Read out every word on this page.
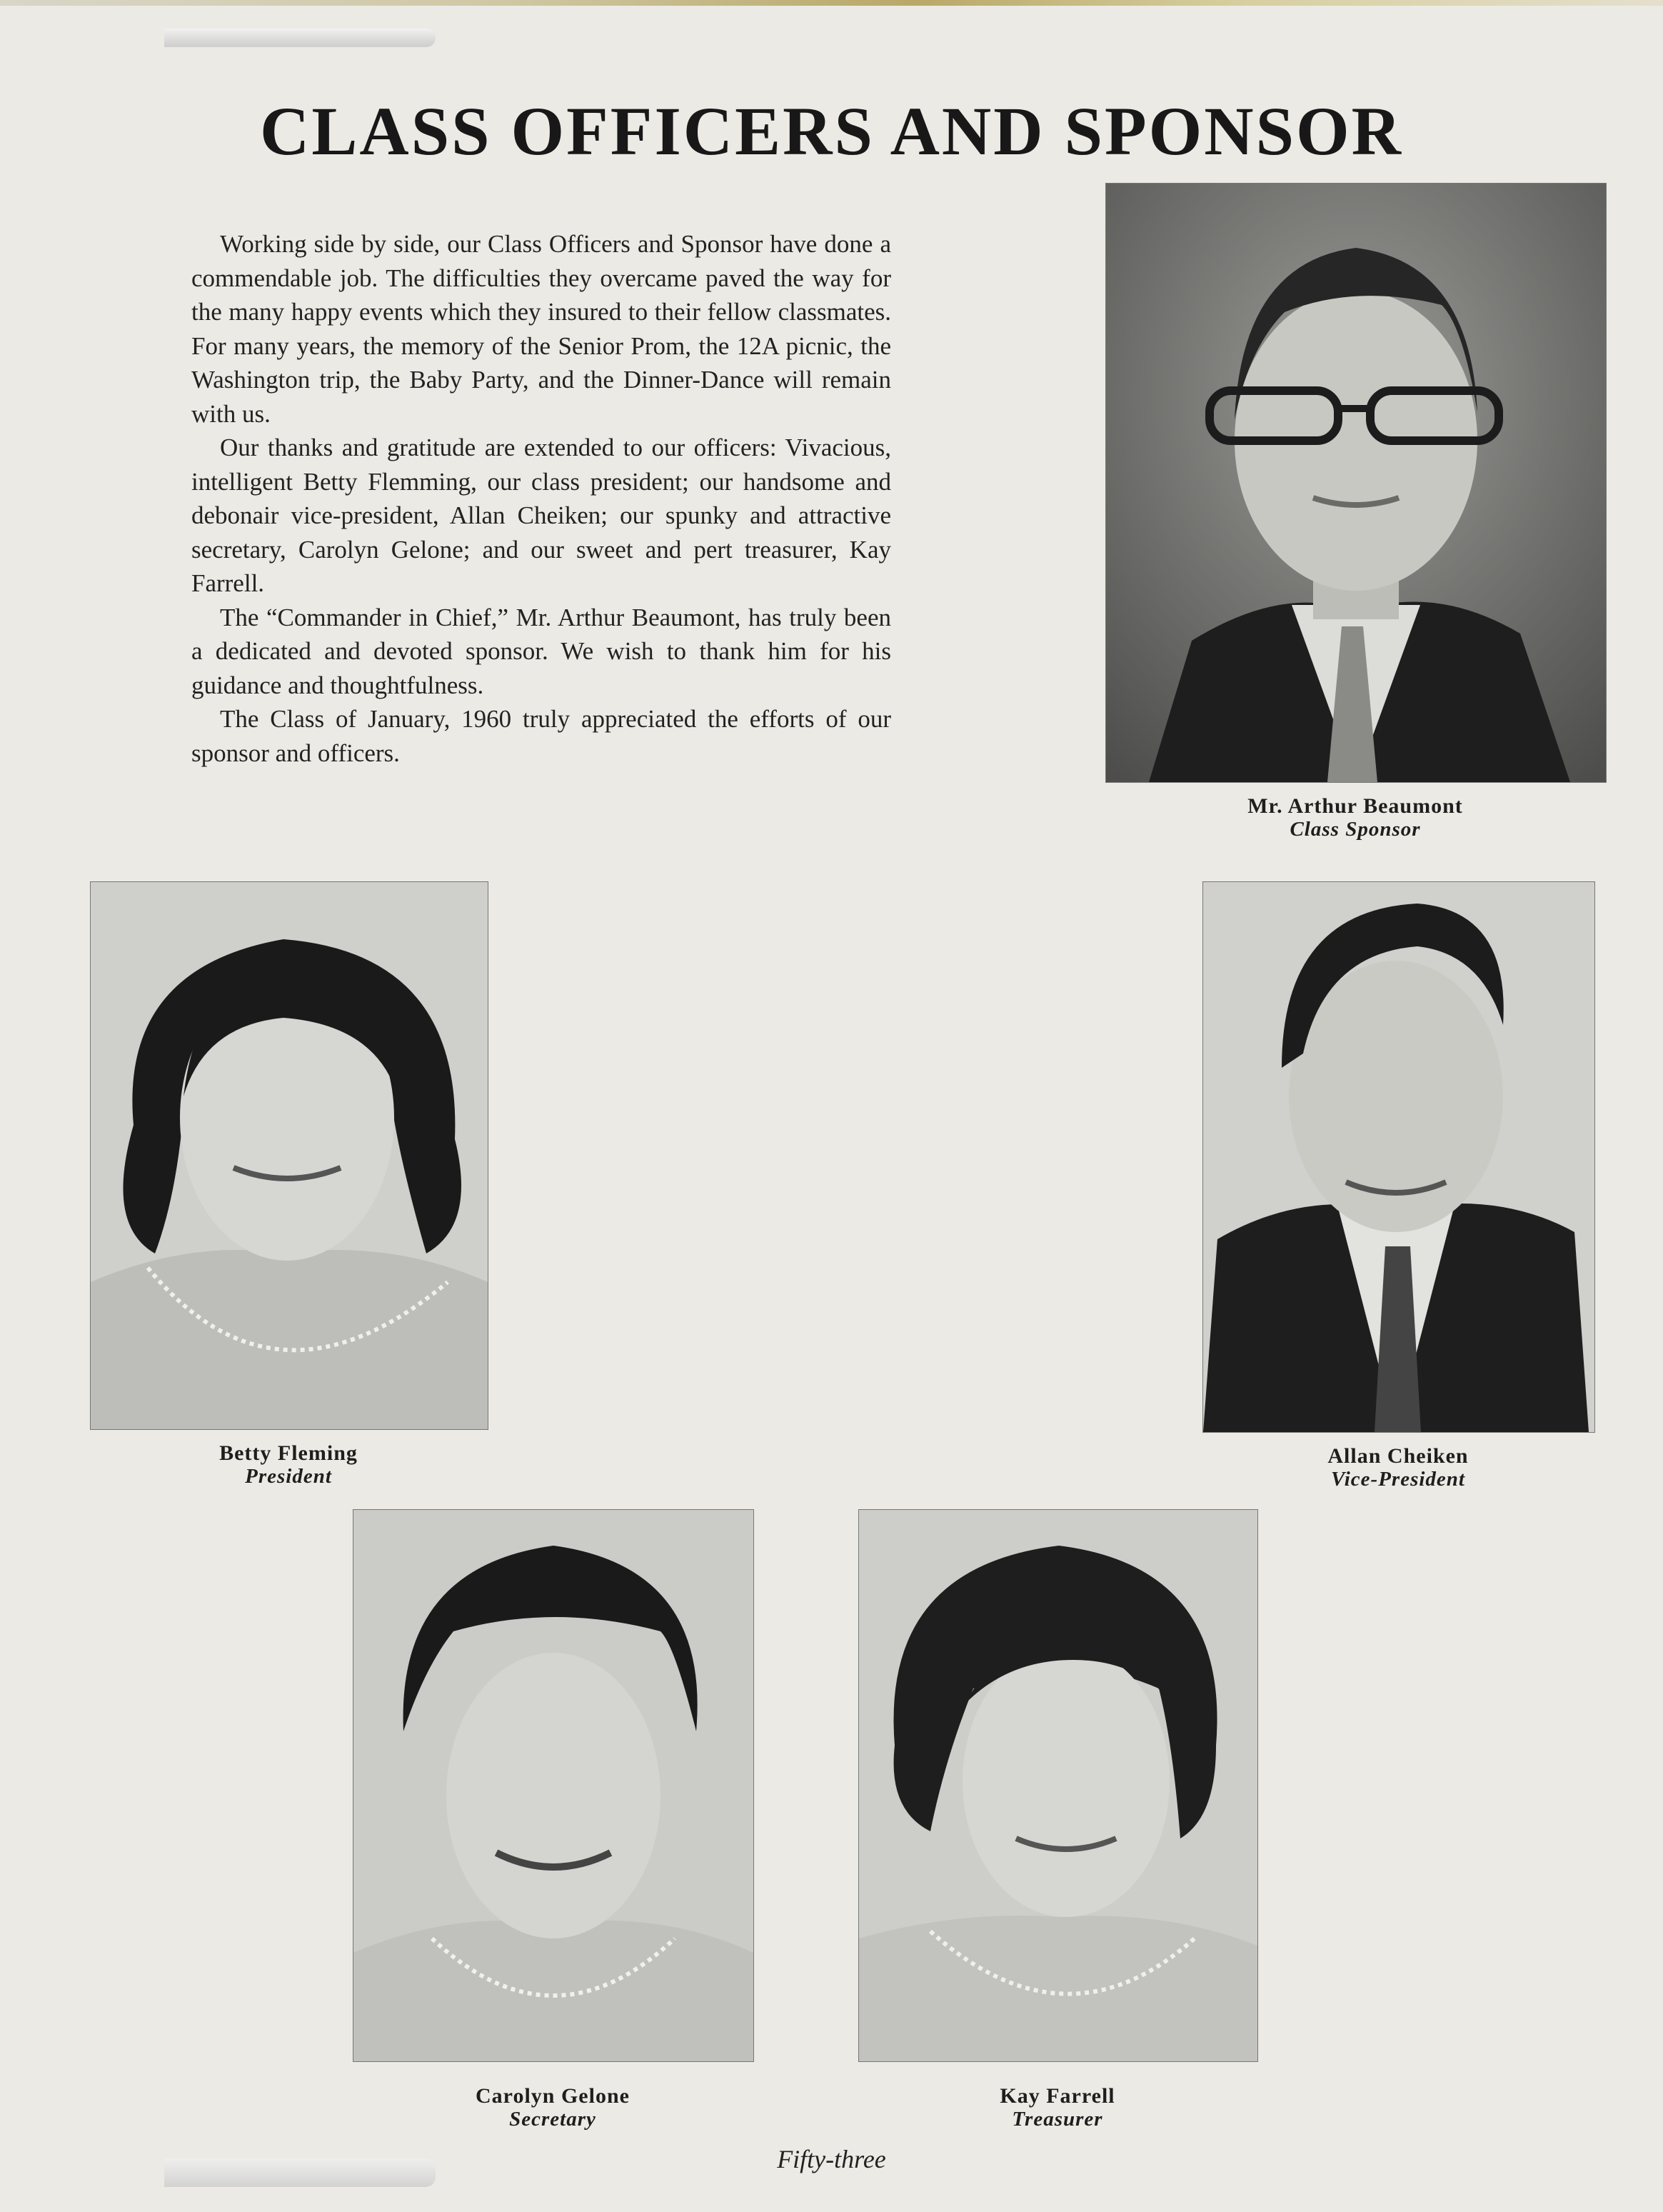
CLASS OFFICERS AND SPONSOR

Working side by side, our Class Officers and Sponsor have done a commendable job. The difficulties they overcame paved the way for the many happy events which they insured to their fellow classmates. For many years, the memory of the Senior Prom, the 12A picnic, the Washington trip, the Baby Party, and the Dinner-Dance will remain with us.

Our thanks and gratitude are extended to our officers: Vivacious, intelligent Betty Flemming, our class president; our handsome and debonair vice-president, Allan Cheiken; our spunky and attractive secretary, Carolyn Gelone; and our sweet and pert treasurer, Kay Farrell.

The “Commander in Chief,” Mr. Arthur Beaumont, has truly been a dedicated and devoted sponsor. We wish to thank him for his guidance and thoughtfulness.

The Class of January, 1960 truly appreciated the efforts of our sponsor and officers.

Mr. Arthur Beaumont
Class Sponsor
Betty Fleming
President
Allan Cheiken
Vice-President
Carolyn Gelone
Secretary
Kay Farrell
Treasurer

Fifty-three
